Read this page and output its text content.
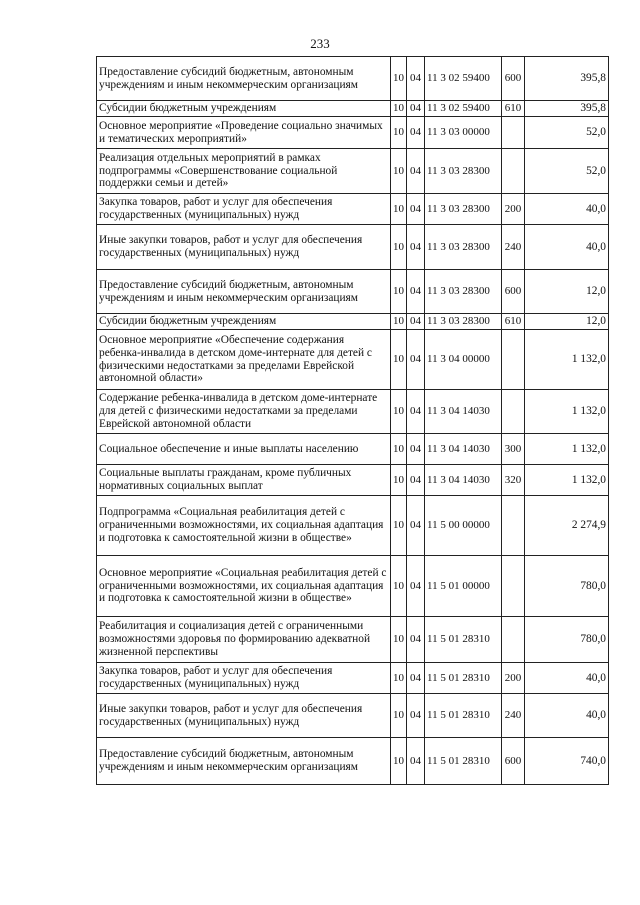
233
Предоставление субсидий бюджетным, автономным учреждениям и иным некоммерческим организациям	10	04	11 3 02 59400	600	395,8
Субсидии бюджетным учреждениям	10	04	11 3 02 59400	610	395,8
Основное мероприятие «Проведение социально значимых и тематических мероприятий»	10	04	11 3 03 00000		52,0
Реализация отдельных мероприятий в рамках подпрограммы «Совершенствование социальной поддержки семьи и детей»	10	04	11 3 03 28300		52,0
Закупка товаров, работ и услуг для обеспечения государственных (муниципальных) нужд	10	04	11 3 03 28300	200	40,0
Иные закупки товаров, работ и услуг для обеспечения государственных (муниципальных) нужд	10	04	11 3 03 28300	240	40,0
Предоставление субсидий бюджетным, автономным учреждениям и иным некоммерческим организациям	10	04	11 3 03 28300	600	12,0
Субсидии бюджетным учреждениям	10	04	11 3 03 28300	610	12,0
Основное мероприятие «Обеспечение содержания ребенка-инвалида в детском доме-интернате для детей с физическими недостатками за пределами Еврейской автономной области»	10	04	11 3 04 00000		1 132,0
Содержание ребенка-инвалида в детском доме-интернате для детей с физическими недостатками за пределами Еврейской автономной области	10	04	11 3 04 14030		1 132,0
Социальное обеспечение и иные выплаты населению	10	04	11 3 04 14030	300	1 132,0
Социальные выплаты гражданам, кроме публичных нормативных социальных выплат	10	04	11 3 04 14030	320	1 132,0
Подпрограмма «Социальная реабилитация детей с ограниченными возможностями, их социальная адаптация и подготовка к самостоятельной жизни в обществе»	10	04	11 5 00 00000		2 274,9
Основное мероприятие «Социальная реабилитация детей с ограниченными возможностями, их социальная адаптация и подготовка к самостоятельной жизни в обществе»	10	04	11 5 01 00000		780,0
Реабилитация и социализация детей с ограниченными возможностями здоровья по формированию адекватной жизненной перспективы	10	04	11 5 01 28310		780,0
Закупка товаров, работ и услуг для обеспечения государственных (муниципальных) нужд	10	04	11 5 01 28310	200	40,0
Иные закупки товаров, работ и услуг для обеспечения государственных (муниципальных) нужд	10	04	11 5 01 28310	240	40,0
Предоставление субсидий бюджетным, автономным учреждениям и иным некоммерческим организациям	10	04	11 5 01 28310	600	740,0
